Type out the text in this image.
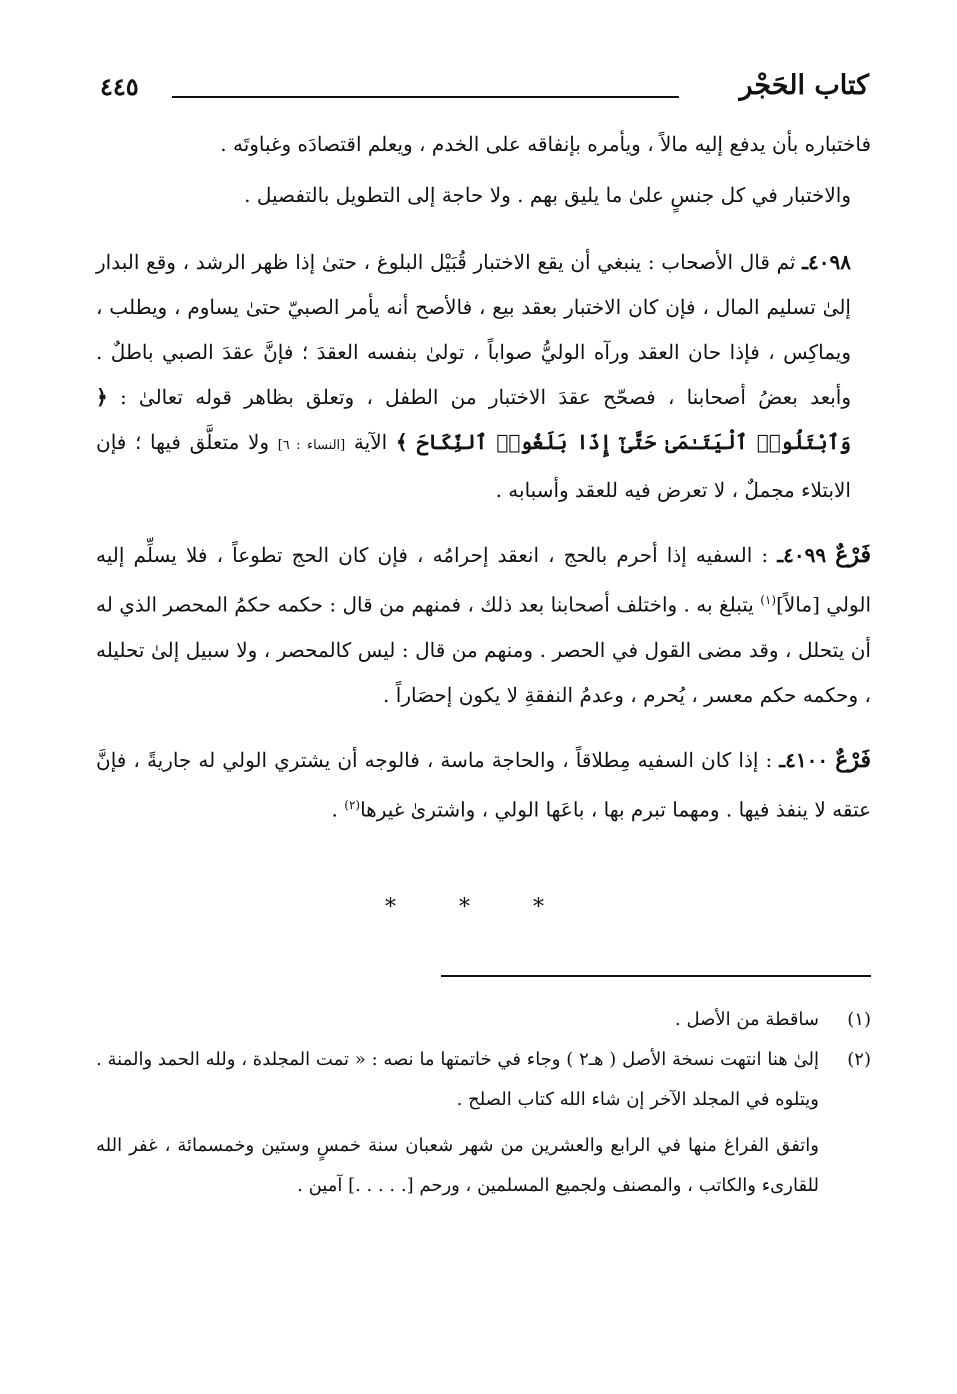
كتاب الحَجْر
٤٤٥

فاختباره بأن يدفع إليه مالاً ، ويأمره بإنفاقه على الخدم ، ويعلم اقتصادَه وغباوتَه .

والاختبار في كل جنسٍ علىٰ ما يليق بهم . ولا حاجة إلى التطويل بالتفصيل .

٤٠٩٨ـ ثم قال الأصحاب : ينبغي أن يقع الاختبار قُبَيْل البلوغ ، حتىٰ إذا ظهر الرشد ، وقع البدار إلىٰ تسليم المال ، فإن كان الاختبار بعقد بيع ، فالأصح أنه يأمر الصبيّ حتىٰ يساوم ، ويطلب ، ويماكِس ، فإذا حان العقد ورآه الوليُّ صواباً ، تولىٰ بنفسه العقدَ ؛ فإنَّ عقدَ الصبي باطلٌ . وأبعد بعضُ أصحابنا ، فصحّح عقدَ الاختبار من الطفل ، وتعلق بظاهر قوله تعالىٰ : ﴿ وَٱبْتَلُوا۟ ٱلْيَتَـٰمَىٰ حَتَّىٰٓ إِذَا بَلَغُوا۟ ٱلنِّكَاحَ ﴾ الآية [النساء : ٦] ولا متعلَّق فيها ؛ فإن الابتلاء مجملٌ ، لا تعرض فيه للعقد وأسبابه .

فَرْعٌ ٤٠٩٩ـ : السفيه إذا أحرم بالحج ، انعقد إحرامُه ، فإن كان الحج تطوعاً ، فلا يسلِّم إليه الولي [مالاً]$^{(١)}$ يتبلغ به . واختلف أصحابنا بعد ذلك ، فمنهم من قال : حكمه حكمُ المحصر الذي له أن يتحلل ، وقد مضى القول في الحصر . ومنهم من قال : ليس كالمحصر ، ولا سبيل إلىٰ تحليله ، وحكمه حكم معسر ، يُحرم ، وعدمُ النفقةِ لا يكون إحصَاراً .

فَرْعٌ ٤١٠٠ـ : إذا كان السفيه مِطلاقاً ، والحاجة ماسة ، فالوجه أن يشتري الولي له جاريةً ، فإنَّ عتقه لا ينفذ فيها . ومهما تبرم بها ، باعَها الولي ، واشترىٰ غيرها$^{(٢)}$ .

* * *

(١)
ساقطة من الأصل .

(٢)
إلىٰ هنا انتهت نسخة الأصل ( هـ٢ ) وجاء في خاتمتها ما نصه : « تمت المجلدة ، ولله الحمد والمنة . ويتلوه في المجلد الآخر إن شاء الله كتاب الصلح .

واتفق الفراغ منها في الرابع والعشرين من شهر شعبان سنة خمسٍ وستين وخمسمائة ، غفر الله للقارىء والكاتب ، والمصنف ولجميع المسلمين ، ورحم [. . . . .] آمين .
